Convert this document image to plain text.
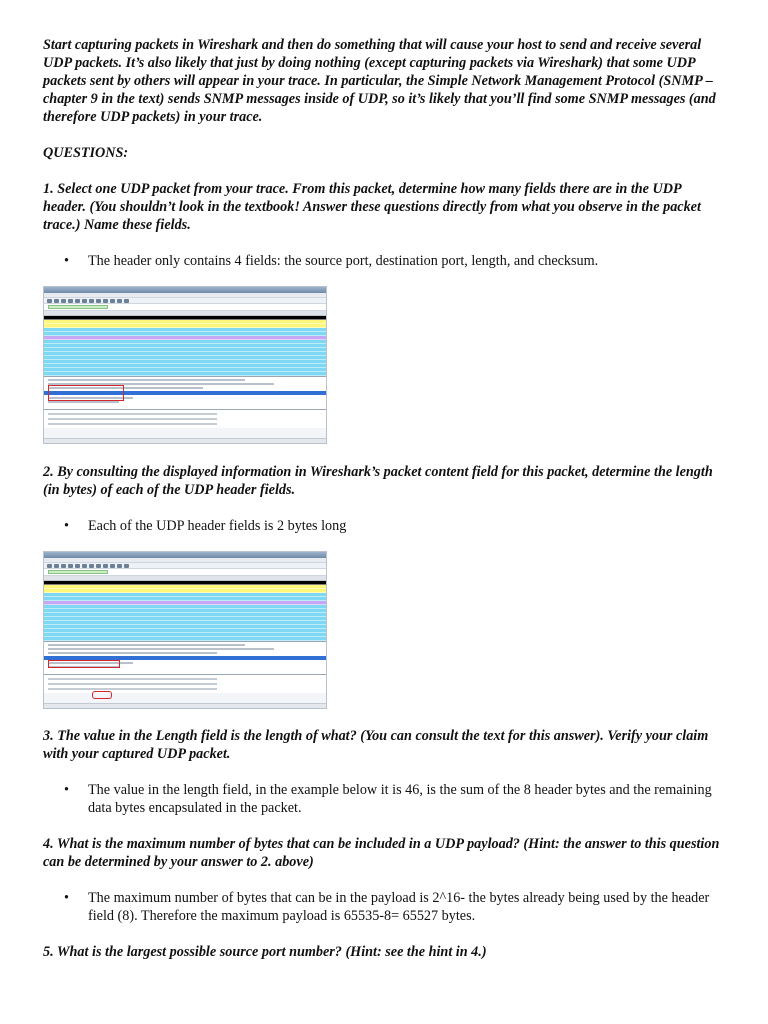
Start capturing packets in Wireshark and then do something that will cause your host to send and receive several UDP packets. It’s also likely that just by doing nothing (except capturing packets via Wireshark) that some UDP packets sent by others will appear in your trace. In particular, the Simple Network Management Protocol (SNMP – chapter 9 in the text) sends SNMP messages inside of UDP, so it’s likely that you’ll find some SNMP messages (and therefore UDP packets) in your trace.

QUESTIONS:

1. Select one UDP packet from your trace. From this packet, determine how many fields there are in the UDP header. (You shouldn’t look in the textbook! Answer these questions directly from what you observe in the packet trace.) Name these fields.

• The header only contains 4 fields: the source port, destination port, length, and checksum.

2. By consulting the displayed information in Wireshark’s packet content field for this packet, determine the length (in bytes) of each of the UDP header fields.

• Each of the UDP header fields is 2 bytes long

3. The value in the Length field is the length of what? (You can consult the text for this answer). Verify your claim with your captured UDP packet.

• The value in the length field, in the example below it is 46, is the sum of the 8 header bytes and the remaining data bytes encapsulated in the packet.

4. What is the maximum number of bytes that can be included in a UDP payload? (Hint: the answer to this question can be determined by your answer to 2. above)

• The maximum number of bytes that can be in the payload is 2^16- the bytes already being used by the header field (8). Therefore the maximum payload is 65535-8= 65527 bytes.

5. What is the largest possible source port number? (Hint: see the hint in 4.)
